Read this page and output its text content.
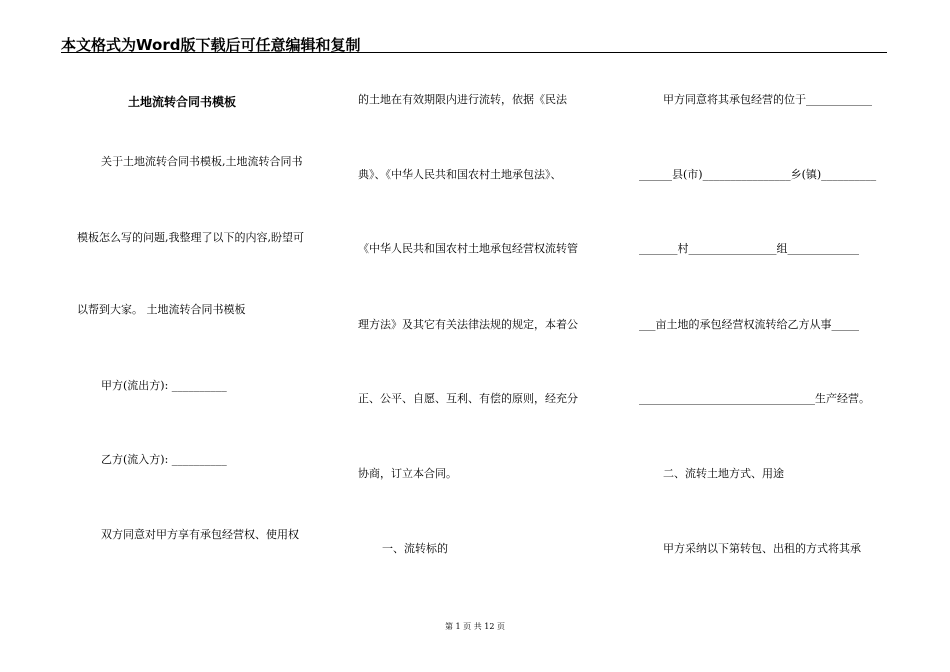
本文格式为Word版下载后可任意编辑和复制
土地流转合同书模板
关于土地流转合同书模板,土地流转合同书
模板怎么写的问题,我整理了以下的内容,盼望可
以帮到大家。 土地流转合同书模板
甲方(流出方): __________
乙方(流入方): __________
双方同意对甲方享有承包经营权、使用权
的土地在有效期限内进行流转，依据《民法
典》、《中华人民共和国农村土地承包法》、
《中华人民共和国农村土地承包经营权流转管
理方法》及其它有关法律法规的规定，本着公
正、公平、自愿、互利、有偿的原则，经充分
协商，订立本合同。
一、流转标的
甲方同意将其承包经营的位于____________
______县(市)________________乡(镇)__________
_______村________________组_____________
___亩土地的承包经营权流转给乙方从事_____
________________________________生产经营。
二、流转土地方式、用途
甲方采纳以下第转包、出租的方式将其承
第 1 页 共 12 页
